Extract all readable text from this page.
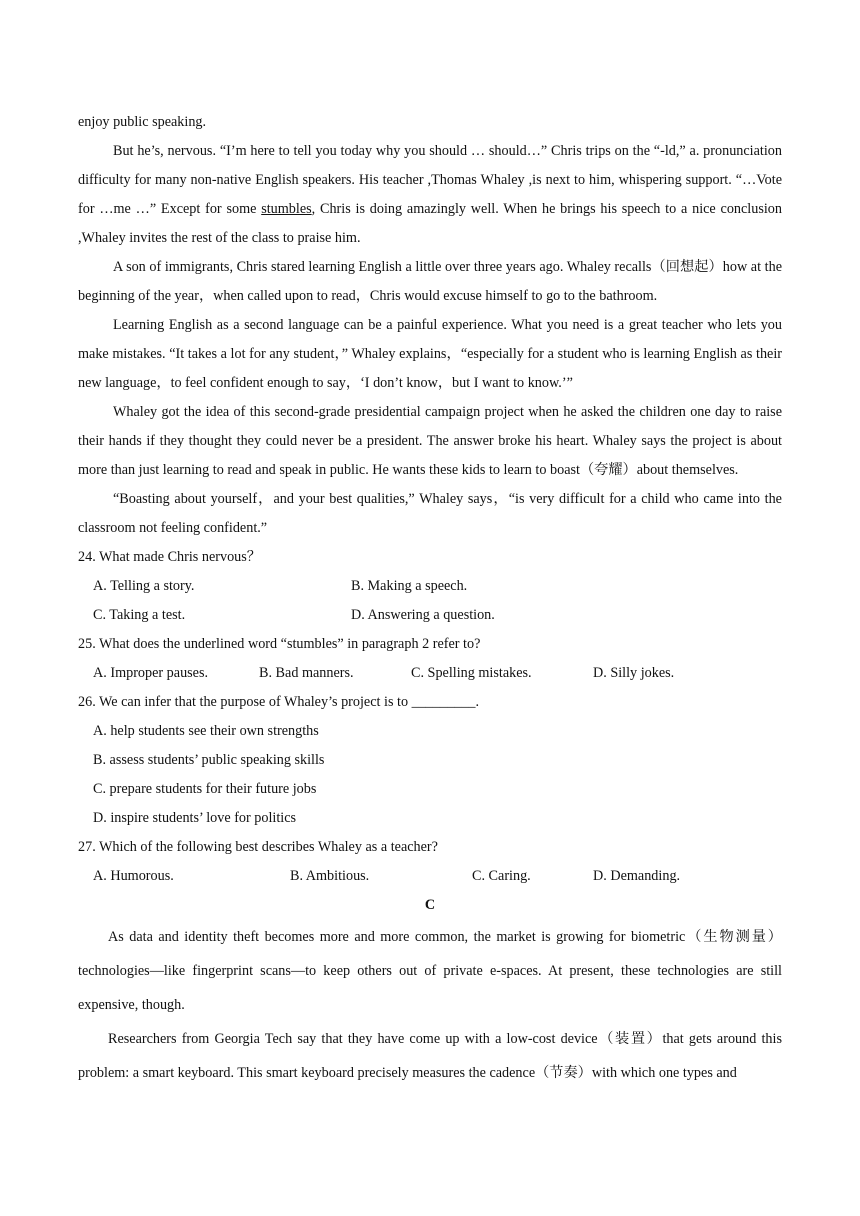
enjoy public speaking.

But he’s, nervous. “I’m here to tell you today why you should … should…” Chris trips on the “-ld,” a. pronunciation difficulty for many non-native English speakers. His teacher ,Thomas Whaley ,is next to him, whispering support. “…Vote for …me …” Except for some stumbles, Chris is doing amazingly well. When he brings his speech to a nice conclusion ,Whaley invites the rest of the class to praise him.

A son of immigrants, Chris stared learning English a little over three years ago. Whaley recalls（回想起）how at the beginning of the year，when called upon to read，Chris would excuse himself to go to the bathroom.

Learning English as a second language can be a painful experience. What you need is a great teacher who lets you make mistakes. “It takes a lot for any student，” Whaley explains，“especially for a student who is learning English as their new language，to feel confident enough to say，‘I don’t know，but I want to know.’”

Whaley got the idea of this second-grade presidential campaign project when he asked the children one day to raise their hands if they thought they could never be a president. The answer broke his heart. Whaley says the project is about more than just learning to read and speak in public. He wants these kids to learn to boast（夸耀）about themselves.

“Boasting about yourself，and your best qualities,” Whaley says，“is very difficult for a child who came into the classroom not feeling confident.”

24. What made Chris nervous？

A. Telling a story.	B. Making a speech.
C. Taking a test.	D. Answering a question.

25. What does the underlined word “stumbles” in paragraph 2 refer to?

A. Improper pauses.	B. Bad manners.	C. Spelling mistakes.	D. Silly jokes.

26. We can infer that the purpose of Whaley’s project is to _________.

A. help students see their own strengths

B. assess students’ public speaking skills

C. prepare students for their future jobs

D. inspire students’ love for politics

27. Which of the following best describes Whaley as a teacher?

A. Humorous.	B. Ambitious.	C. Caring.	D. Demanding.

C

As data and identity theft becomes more and more common, the market is growing for biometric（生物测量）technologies—like fingerprint scans—to keep others out of private e-spaces. At present, these technologies are still expensive, though.

Researchers from Georgia Tech say that they have come up with a low-cost device（装置）that gets around this problem: a smart keyboard. This smart keyboard precisely measures the cadence（节奏）with which one types and
